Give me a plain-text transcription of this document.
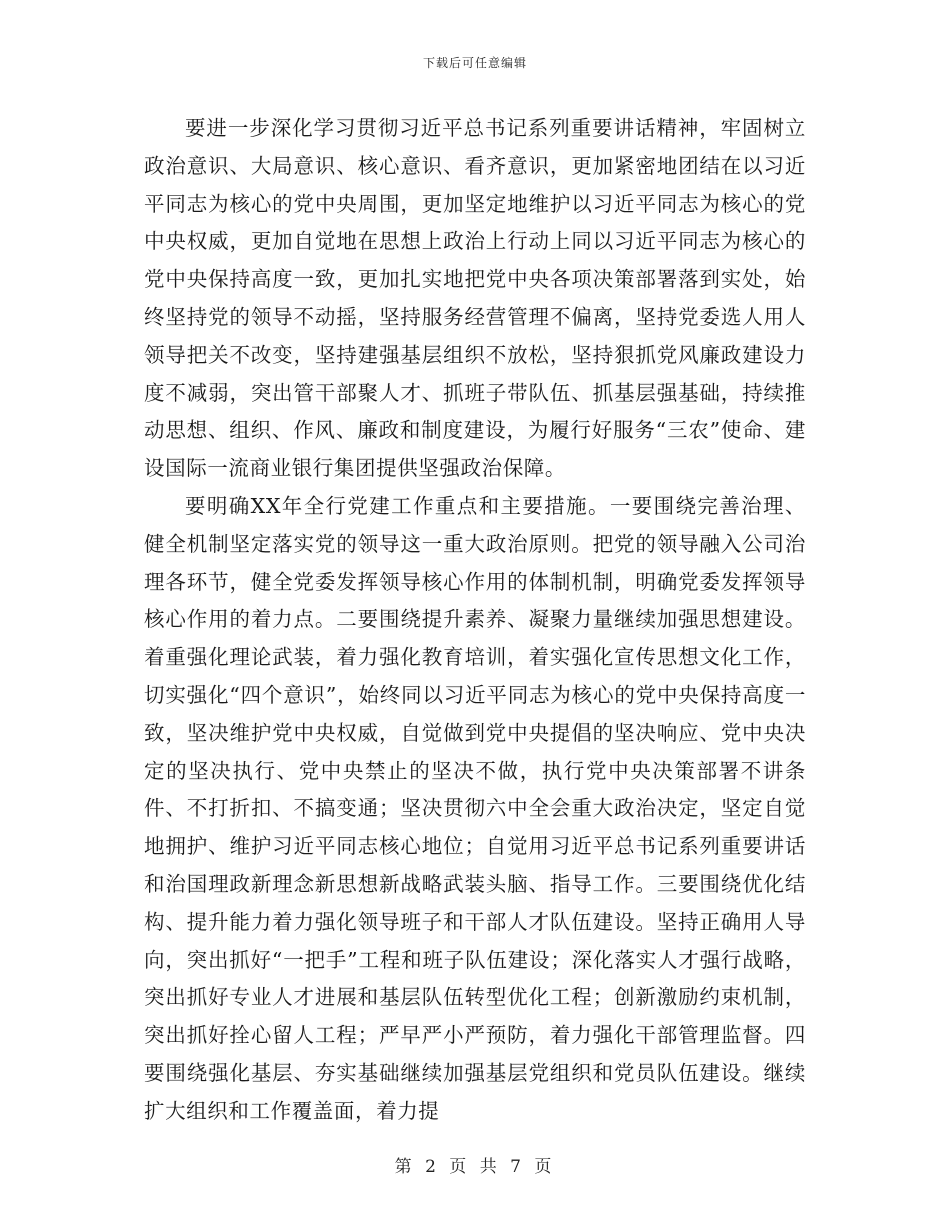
下载后可任意编辑

要进一步深化学习贯彻习近平总书记系列重要讲话精神，牢固树立政治意识、大局意识、核心意识、看齐意识，更加紧密地团结在以习近平同志为核心的党中央周围，更加坚定地维护以习近平同志为核心的党中央权威，更加自觉地在思想上政治上行动上同以习近平同志为核心的党中央保持高度一致，更加扎实地把党中央各项决策部署落到实处，始终坚持党的领导不动摇，坚持服务经营管理不偏离，坚持党委选人用人领导把关不改变，坚持建强基层组织不放松，坚持狠抓党风廉政建设力度不减弱，突出管干部聚人才、抓班子带队伍、抓基层强基础，持续推动思想、组织、作风、廉政和制度建设，为履行好服务“三农”使命、建设国际一流商业银行集团提供坚强政治保障。

要明确XX年全行党建工作重点和主要措施。一要围绕完善治理、健全机制坚定落实党的领导这一重大政治原则。把党的领导融入公司治理各环节，健全党委发挥领导核心作用的体制机制，明确党委发挥领导核心作用的着力点。二要围绕提升素养、凝聚力量继续加强思想建设。着重强化理论武装，着力强化教育培训，着实强化宣传思想文化工作，切实强化“四个意识”，始终同以习近平同志为核心的党中央保持高度一致，坚决维护党中央权威，自觉做到党中央提倡的坚决响应、党中央决定的坚决执行、党中央禁止的坚决不做，执行党中央决策部署不讲条件、不打折扣、不搞变通；坚决贯彻六中全会重大政治决定，坚定自觉地拥护、维护习近平同志核心地位；自觉用习近平总书记系列重要讲话和治国理政新理念新思想新战略武装头脑、指导工作。三要围绕优化结构、提升能力着力强化领导班子和干部人才队伍建设。坚持正确用人导向，突出抓好“一把手”工程和班子队伍建设；深化落实人才强行战略，突出抓好专业人才进展和基层队伍转型优化工程；创新激励约束机制，突出抓好拴心留人工程；严早严小严预防，着力强化干部管理监督。四要围绕强化基层、夯实基础继续加强基层党组织和党员队伍建设。继续扩大组织和工作覆盖面，着力提

第 2 页 共 7 页
